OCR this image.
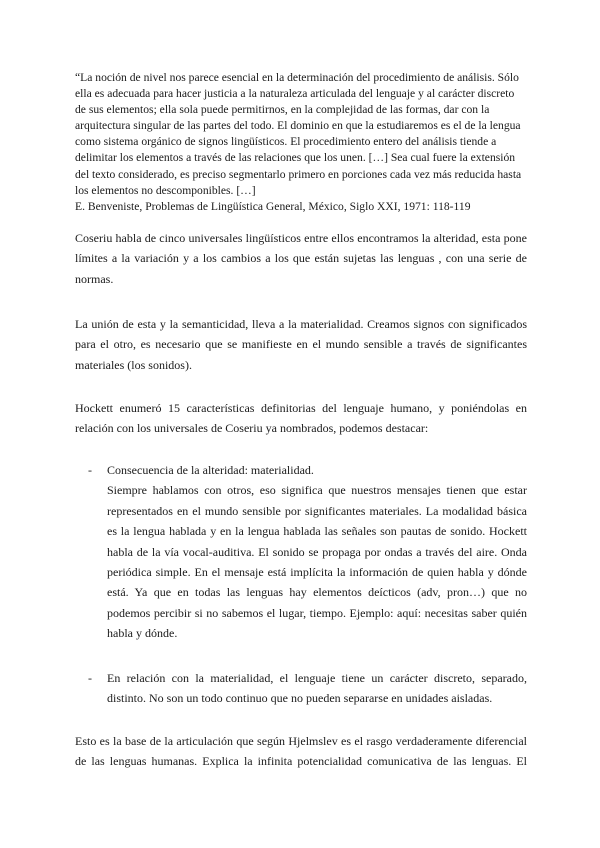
“La noción de nivel nos parece esencial en la determinación del procedimiento de análisis. Sólo ella es adecuada para hacer justicia a la naturaleza articulada del lenguaje y al carácter discreto de sus elementos; ella sola puede permitirnos, en la complejidad de las formas, dar con la arquitectura singular de las partes del todo. El dominio en que la estudiaremos es el de la lengua como sistema orgánico de signos lingüísticos. El procedimiento entero del análisis tiende a delimitar los elementos a través de las relaciones que los unen. […] Sea cual fuere la extensión del texto considerado, es preciso segmentarlo primero en porciones cada vez más reducida hasta los elementos no descomponibles. […]

E. Benveniste, Problemas de Lingüística General, México, Siglo XXI, 1971: 118-119

Coseriu habla de cinco universales lingüísticos entre ellos encontramos la alteridad, esta pone límites a la variación y a los cambios a los que están sujetas las lenguas , con una serie de normas.

La unión de esta y la semanticidad, lleva a la materialidad. Creamos signos con significados para el otro, es necesario que se manifieste en el mundo sensible a través de significantes materiales (los sonidos).

Hockett enumeró 15 características definitorias del lenguaje humano, y poniéndolas en relación con los universales de Coseriu ya nombrados, podemos destacar:

- Consecuencia de la alteridad: materialidad.

Siempre hablamos con otros, eso significa que nuestros mensajes tienen que estar representados en el mundo sensible por significantes materiales. La modalidad básica es la lengua hablada y en la lengua hablada las señales son pautas de sonido. Hockett habla de la vía vocal-auditiva. El sonido se propaga por ondas a través del aire. Onda periódica simple. En el mensaje está implícita la información de quien habla y dónde está. Ya que en todas las lenguas hay elementos deícticos (adv, pron…) que no podemos percibir si no sabemos el lugar, tiempo. Ejemplo: aquí: necesitas saber quién habla y dónde.

- En relación con la materialidad, el lenguaje tiene un carácter discreto, separado, distinto. No son un todo continuo que no pueden separarse en unidades aisladas.

Esto es la base de la articulación que según Hjelmslev es el rasgo verdaderamente diferencial de las lenguas humanas. Explica la infinita potencialidad comunicativa de las lenguas. El
